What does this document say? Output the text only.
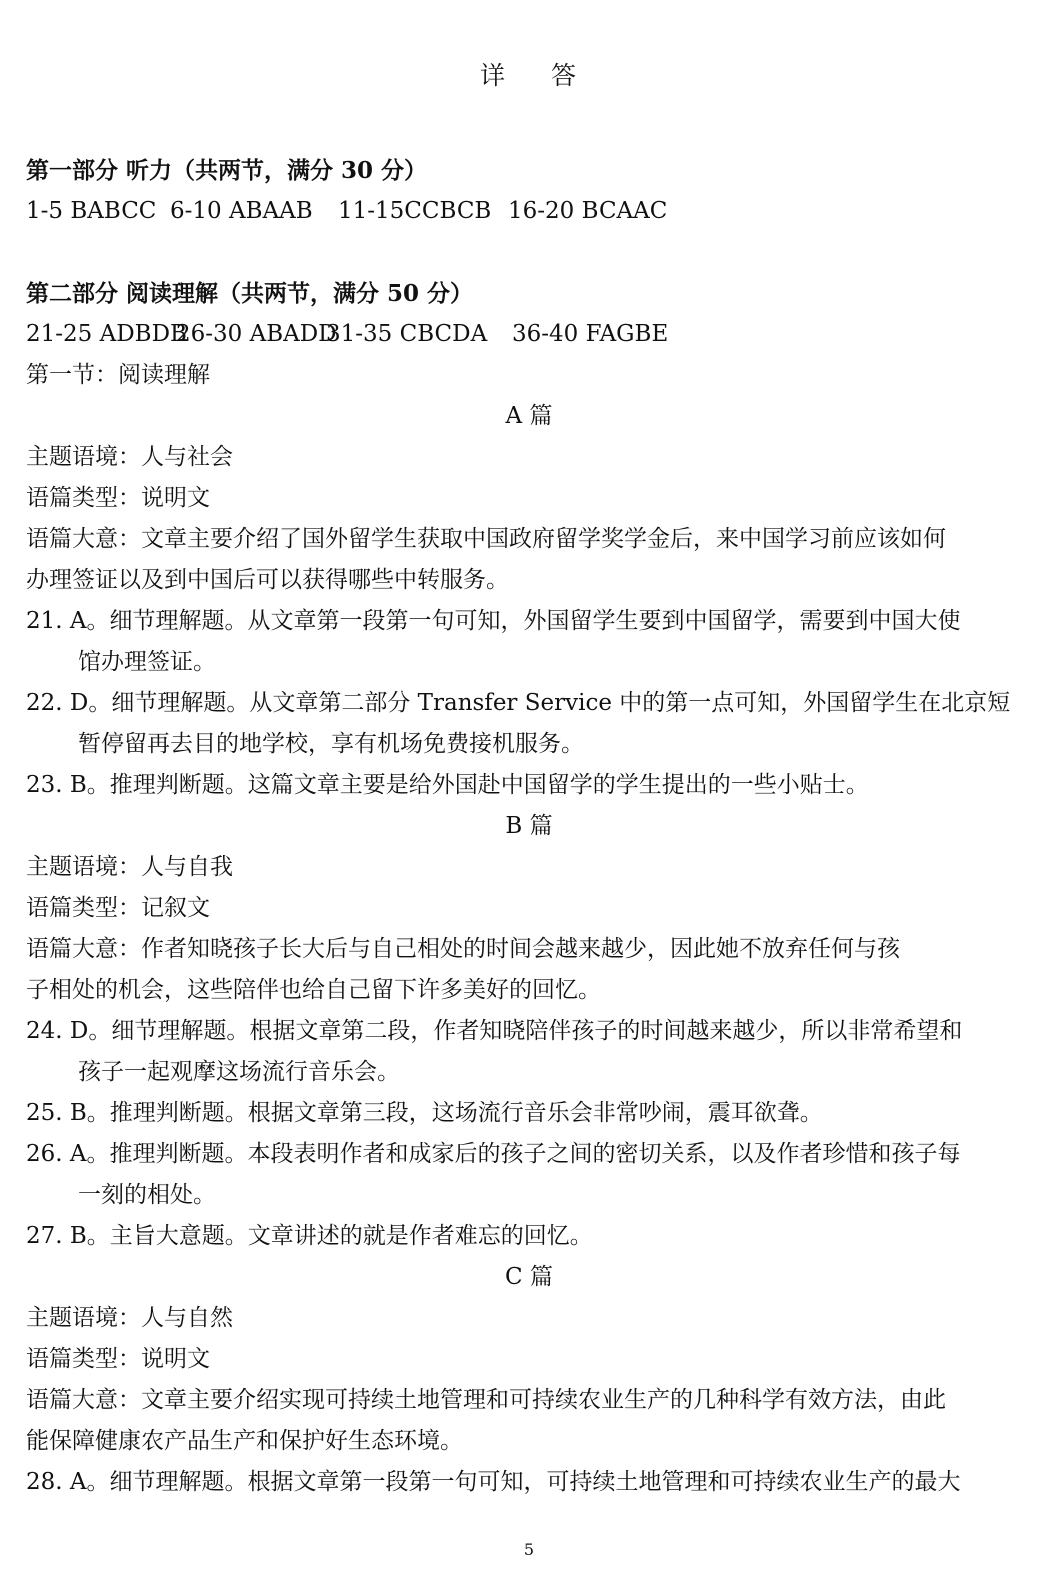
详 答
第一部分 听力（共两节，满分 30 分）
1-5 BABCC 6-10 ABAAB 11-15CCBCB 16-20 BCAAC
第二部分 阅读理解（共两节，满分 50 分）
21-25 ADBDB26-30 ABADD31-35 CBCDA 36-40 FAGBE
第一节：阅读理解
A 篇
主题语境：人与社会
语篇类型：说明文
语篇大意：文章主要介绍了国外留学生获取中国政府留学奖学金后，来中国学习前应该如何
办理签证以及到中国后可以获得哪些中转服务。
21. A。细节理解题。从文章第一段第一句可知，外国留学生要到中国留学，需要到中国大使
馆办理签证。
22. D。细节理解题。从文章第二部分 Transfer Service 中的第一点可知，外国留学生在北京短
暂停留再去目的地学校，享有机场免费接机服务。
23. B。推理判断题。这篇文章主要是给外国赴中国留学的学生提出的一些小贴士。
B 篇
主题语境：人与自我
语篇类型：记叙文
语篇大意：作者知晓孩子长大后与自己相处的时间会越来越少，因此她不放弃任何与孩
子相处的机会，这些陪伴也给自己留下许多美好的回忆。
24. D。细节理解题。根据文章第二段，作者知晓陪伴孩子的时间越来越少，所以非常希望和
孩子一起观摩这场流行音乐会。
25. B。推理判断题。根据文章第三段，这场流行音乐会非常吵闹，震耳欲聋。
26. A。推理判断题。本段表明作者和成家后的孩子之间的密切关系，以及作者珍惜和孩子每
一刻的相处。
27. B。主旨大意题。文章讲述的就是作者难忘的回忆。
C 篇
主题语境：人与自然
语篇类型：说明文
语篇大意：文章主要介绍实现可持续土地管理和可持续农业生产的几种科学有效方法，由此
能保障健康农产品生产和保护好生态环境。
28. A。细节理解题。根据文章第一段第一句可知，可持续土地管理和可持续农业生产的最大
5
